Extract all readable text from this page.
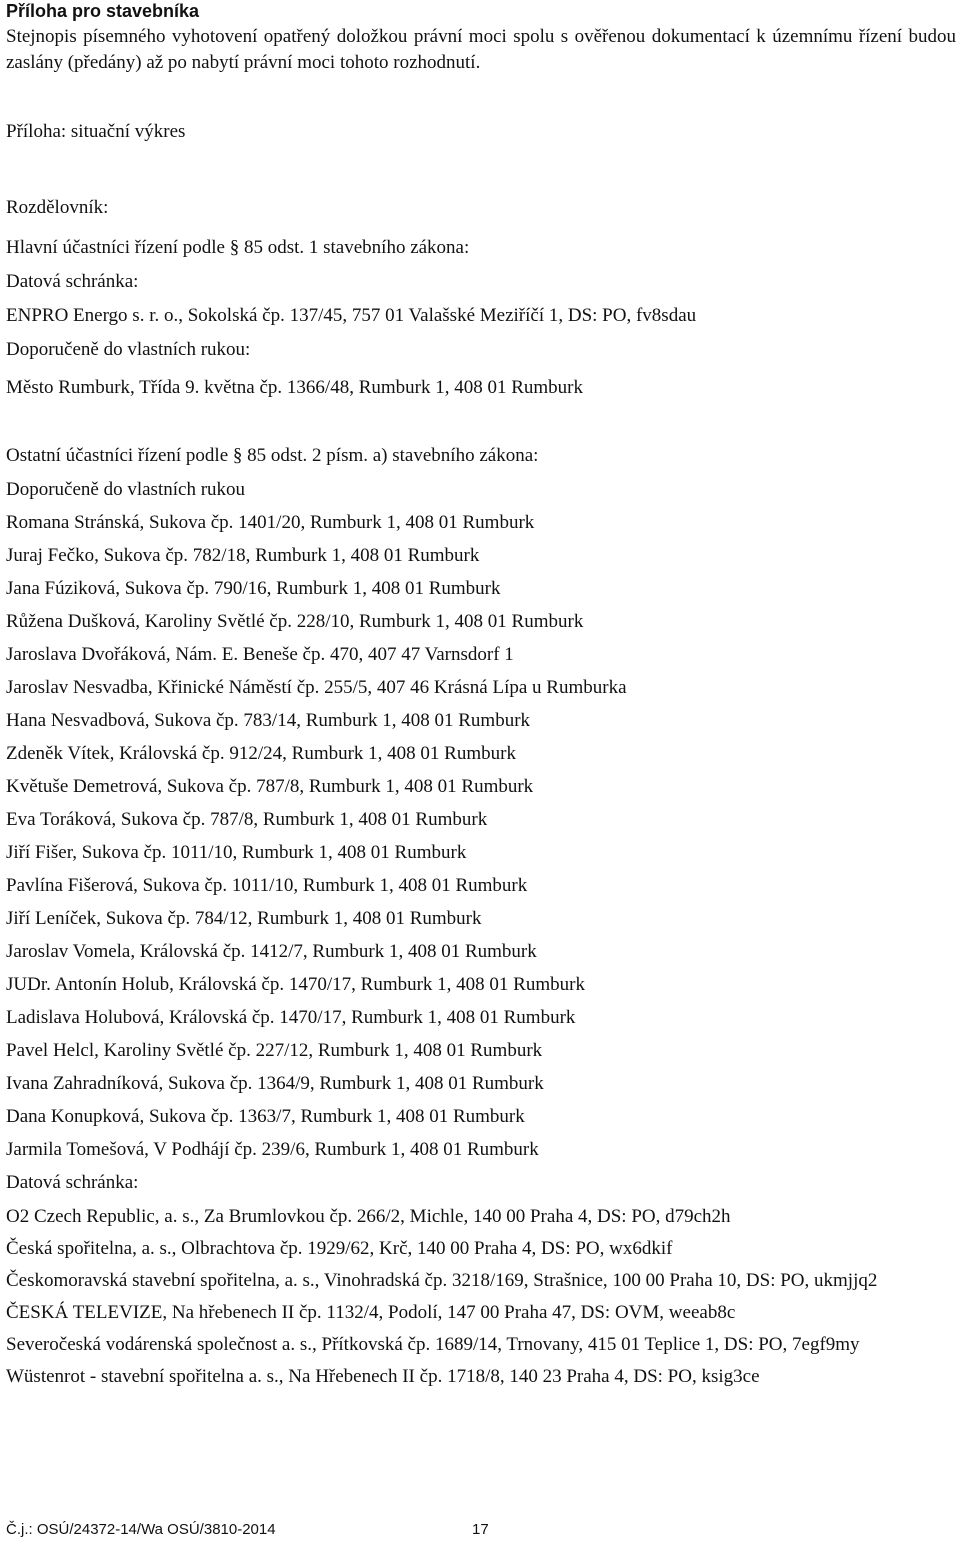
Příloha pro stavebníka

Stejnopis písemného vyhotovení opatřený doložkou právní moci spolu s ověřenou dokumentací k územnímu řízení budou zaslány (předány) až po nabytí právní moci tohoto rozhodnutí.

Příloha: situační výkres

Rozdělovník:

Hlavní účastníci řízení podle § 85 odst. 1 stavebního zákona:

Datová schránka:

ENPRO Energo s. r. o., Sokolská čp. 137/45, 757 01 Valašské Meziříčí 1, DS: PO, fv8sdau

Doporučeně do vlastních rukou:

Město Rumburk, Třída 9. května čp. 1366/48, Rumburk 1, 408 01 Rumburk

Ostatní účastníci řízení podle § 85 odst. 2 písm. a) stavebního zákona:

Doporučeně do vlastních rukou

Romana Stránská, Sukova čp. 1401/20, Rumburk 1, 408 01 Rumburk

Juraj Fečko, Sukova čp. 782/18, Rumburk 1, 408 01 Rumburk

Jana Fúziková, Sukova čp. 790/16, Rumburk 1, 408 01 Rumburk

Růžena Dušková, Karoliny Světlé čp. 228/10, Rumburk 1, 408 01 Rumburk

Jaroslava Dvořáková, Nám. E. Beneše čp. 470, 407 47 Varnsdorf 1

Jaroslav Nesvadba, Křinické Náměstí čp. 255/5, 407 46 Krásná Lípa u Rumburka

Hana Nesvadbová, Sukova čp. 783/14, Rumburk 1, 408 01 Rumburk

Zdeněk Vítek, Královská čp. 912/24, Rumburk 1, 408 01 Rumburk

Květuše Demetrová, Sukova čp. 787/8, Rumburk 1, 408 01 Rumburk

Eva Toráková, Sukova čp. 787/8, Rumburk 1, 408 01 Rumburk

Jiří Fišer, Sukova čp. 1011/10, Rumburk 1, 408 01 Rumburk

Pavlína Fišerová, Sukova čp. 1011/10, Rumburk 1, 408 01 Rumburk

Jiří Leníček, Sukova čp. 784/12, Rumburk 1, 408 01 Rumburk

Jaroslav Vomela, Královská čp. 1412/7, Rumburk 1, 408 01 Rumburk

JUDr. Antonín Holub, Královská čp. 1470/17, Rumburk 1, 408 01 Rumburk

Ladislava Holubová, Královská čp. 1470/17, Rumburk 1, 408 01 Rumburk

Pavel Helcl, Karoliny Světlé čp. 227/12, Rumburk 1, 408 01 Rumburk

Ivana Zahradníková, Sukova čp. 1364/9, Rumburk 1, 408 01 Rumburk

Dana Konupková, Sukova čp. 1363/7, Rumburk 1, 408 01 Rumburk

Jarmila Tomešová, V Podhájí čp. 239/6, Rumburk 1, 408 01 Rumburk

Datová schránka:

O2 Czech Republic, a. s., Za Brumlovkou čp. 266/2, Michle, 140 00 Praha 4, DS: PO, d79ch2h

Česká spořitelna, a. s., Olbrachtova čp. 1929/62, Krč, 140 00 Praha 4, DS: PO, wx6dkif

Českomoravská stavební spořitelna, a. s., Vinohradská čp. 3218/169, Strašnice, 100 00 Praha 10, DS: PO, ukmjjq2

ČESKÁ TELEVIZE, Na hřebenech II čp. 1132/4, Podolí, 147 00 Praha 47, DS: OVM, weeab8c

Severočeská vodárenská společnost a. s., Přítkovská čp. 1689/14, Trnovany, 415 01 Teplice 1, DS: PO, 7egf9my

Wüstenrot - stavební spořitelna a. s., Na Hřebenech II čp. 1718/8, 140 23 Praha 4, DS: PO, ksig3ce

Č.j.: OSÚ/24372-14/Wa OSÚ/3810-2014	17
